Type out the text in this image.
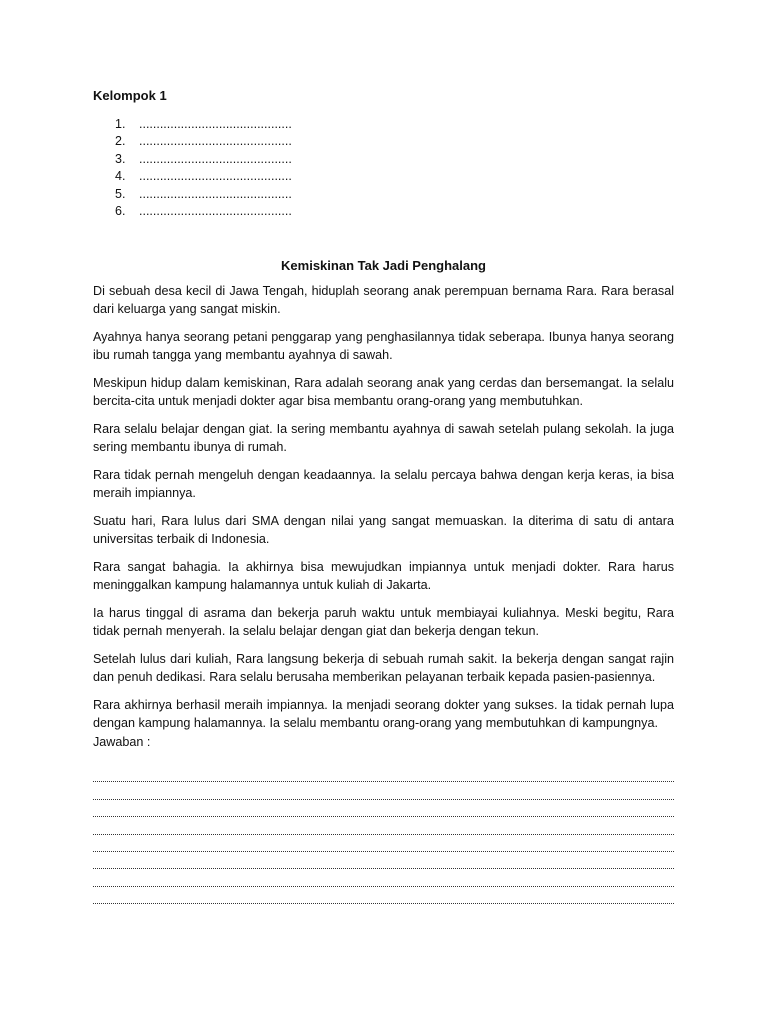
Kelompok 1
1.	............................................
2.	............................................
3.	............................................
4.	............................................
5.	............................................
6.	............................................
Kemiskinan Tak Jadi Penghalang

Di sebuah desa kecil di Jawa Tengah, hiduplah seorang anak perempuan bernama Rara. Rara berasal dari keluarga yang sangat miskin.

Ayahnya hanya seorang petani penggarap yang penghasilannya tidak seberapa. Ibunya hanya seorang ibu rumah tangga yang membantu ayahnya di sawah.

Meskipun hidup dalam kemiskinan, Rara adalah seorang anak yang cerdas dan bersemangat. Ia selalu bercita-cita untuk menjadi dokter agar bisa membantu orang-orang yang membutuhkan.

Rara selalu belajar dengan giat. Ia sering membantu ayahnya di sawah setelah pulang sekolah. Ia juga sering membantu ibunya di rumah.

Rara tidak pernah mengeluh dengan keadaannya. Ia selalu percaya bahwa dengan kerja keras, ia bisa meraih impiannya.

Suatu hari, Rara lulus dari SMA dengan nilai yang sangat memuaskan. Ia diterima di satu di antara universitas terbaik di Indonesia.

Rara sangat bahagia. Ia akhirnya bisa mewujudkan impiannya untuk menjadi dokter. Rara harus meninggalkan kampung halamannya untuk kuliah di Jakarta.

Ia harus tinggal di asrama dan bekerja paruh waktu untuk membiayai kuliahnya. Meski begitu, Rara tidak pernah menyerah. Ia selalu belajar dengan giat dan bekerja dengan tekun.

Setelah lulus dari kuliah, Rara langsung bekerja di sebuah rumah sakit. Ia bekerja dengan sangat rajin dan penuh dedikasi. Rara selalu berusaha memberikan pelayanan terbaik kepada pasien-pasiennya.

Rara akhirnya berhasil meraih impiannya. Ia menjadi seorang dokter yang sukses. Ia tidak pernah lupa dengan kampung halamannya. Ia selalu membantu orang-orang yang membutuhkan di kampungnya.

Jawaban :
